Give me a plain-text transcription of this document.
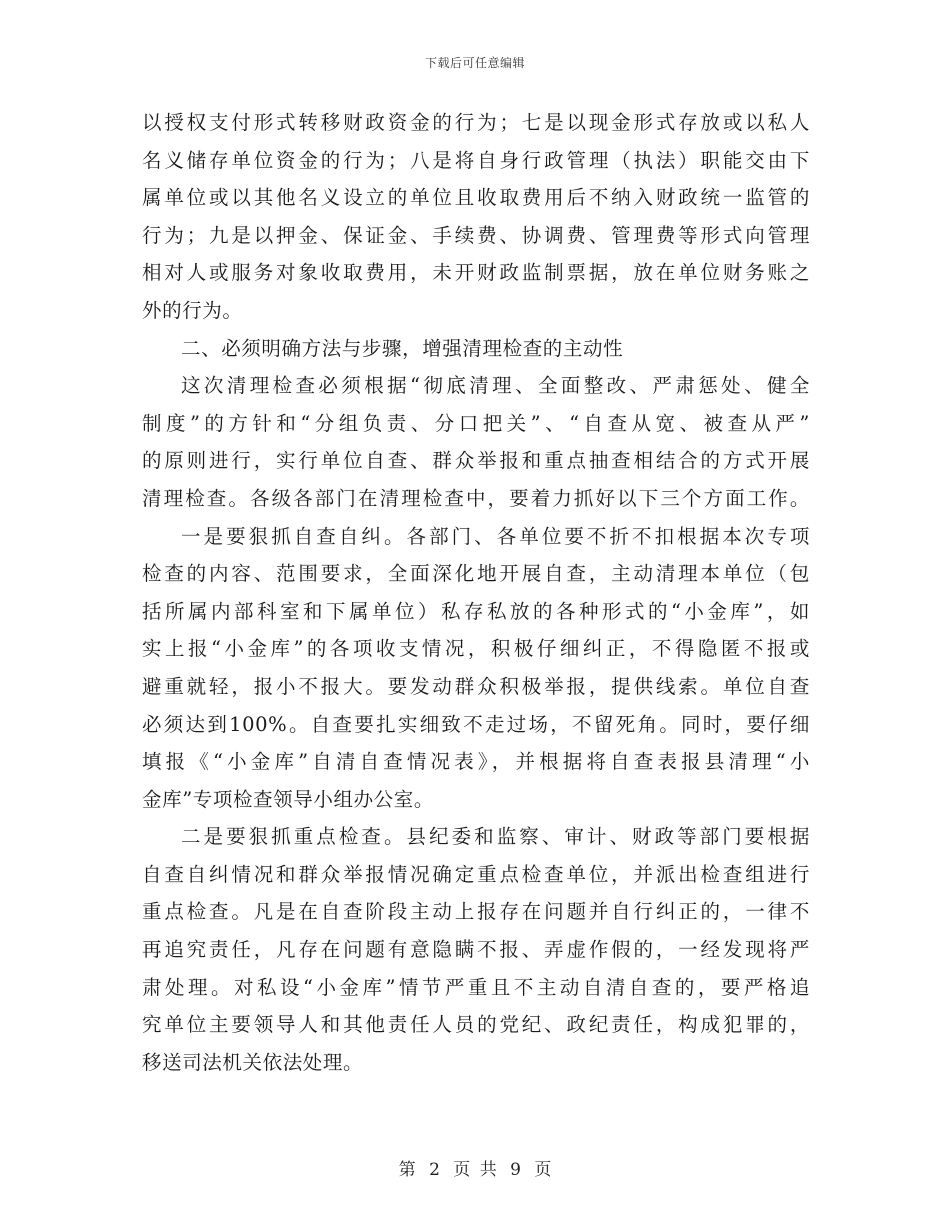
下载后可任意编辑
以授权支付形式转移财政资金的行为；七是以现金形式存放或以私人
名义储存单位资金的行为；八是将自身行政管理（执法）职能交由下
属单位或以其他名义设立的单位且收取费用后不纳入财政统一监管的
行为；九是以押金、保证金、手续费、协调费、管理费等形式向管理
相对人或服务对象收取费用，未开财政监制票据，放在单位财务账之
外的行为。
二、必须明确方法与步骤，增强清理检查的主动性
这次清理检查必须根据“彻底清理、全面整改、严肃惩处、健全
制度”的方针和“分组负责、分口把关”、“自查从宽、被查从严”
的原则进行，实行单位自查、群众举报和重点抽查相结合的方式开展
清理检查。各级各部门在清理检查中，要着力抓好以下三个方面工作。
一是要狠抓自查自纠。各部门、各单位要不折不扣根据本次专项
检查的内容、范围要求，全面深化地开展自查，主动清理本单位（包
括所属内部科室和下属单位）私存私放的各种形式的“小金库”，如
实上报“小金库”的各项收支情况，积极仔细纠正，不得隐匿不报或
避重就轻，报小不报大。要发动群众积极举报，提供线索。单位自查
必须达到100%。自查要扎实细致不走过场，不留死角。同时，要仔细
填报《“小金库”自清自查情况表》，并根据将自查表报县清理“小
金库”专项检查领导小组办公室。
二是要狠抓重点检查。县纪委和监察、审计、财政等部门要根据
自查自纠情况和群众举报情况确定重点检查单位，并派出检查组进行
重点检查。凡是在自查阶段主动上报存在问题并自行纠正的，一律不
再追究责任，凡存在问题有意隐瞒不报、弄虚作假的，一经发现将严
肃处理。对私设“小金库”情节严重且不主动自清自查的，要严格追
究单位主要领导人和其他责任人员的党纪、政纪责任，构成犯罪的，
移送司法机关依法处理。
第 2 页 共 9 页
